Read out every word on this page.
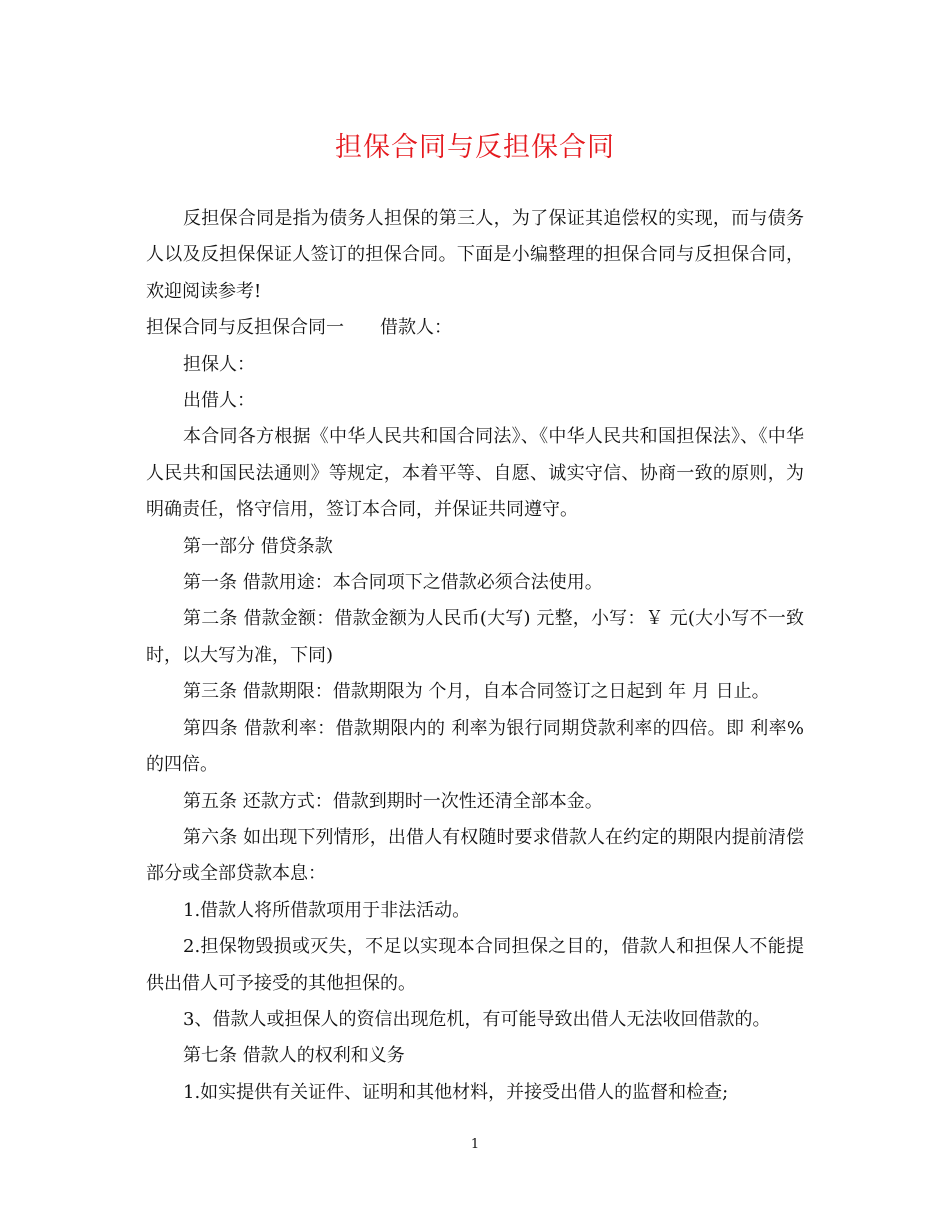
担保合同与反担保合同

反担保合同是指为债务人担保的第三人，为了保证其追偿权的实现，而与债务人以及反担保保证人签订的担保合同。下面是小编整理的担保合同与反担保合同，欢迎阅读参考!

担保合同与反担保合同一 借款人：

担保人：

出借人：

本合同各方根据《中华人民共和国合同法》、《中华人民共和国担保法》、《中华人民共和国民法通则》等规定，本着平等、自愿、诚实守信、协商一致的原则，为明确责任，恪守信用，签订本合同，并保证共同遵守。

第一部分 借贷条款

第一条 借款用途：本合同项下之借款必须合法使用。

第二条 借款金额：借款金额为人民币(大写) 元整，小写：￥ 元(大小写不一致时，以大写为准，下同)

第三条 借款期限：借款期限为 个月，自本合同签订之日起到 年 月 日止。

第四条 借款利率：借款期限内的 利率为银行同期贷款利率的四倍。即 利率%的四倍。

第五条 还款方式：借款到期时一次性还清全部本金。

第六条 如出现下列情形，出借人有权随时要求借款人在约定的期限内提前清偿部分或全部贷款本息：

1.借款人将所借款项用于非法活动。

2.担保物毁损或灭失，不足以实现本合同担保之目的，借款人和担保人不能提供出借人可予接受的其他担保的。

3、借款人或担保人的资信出现危机，有可能导致出借人无法收回借款的。

第七条 借款人的权利和义务

1.如实提供有关证件、证明和其他材料，并接受出借人的监督和检查;

1
